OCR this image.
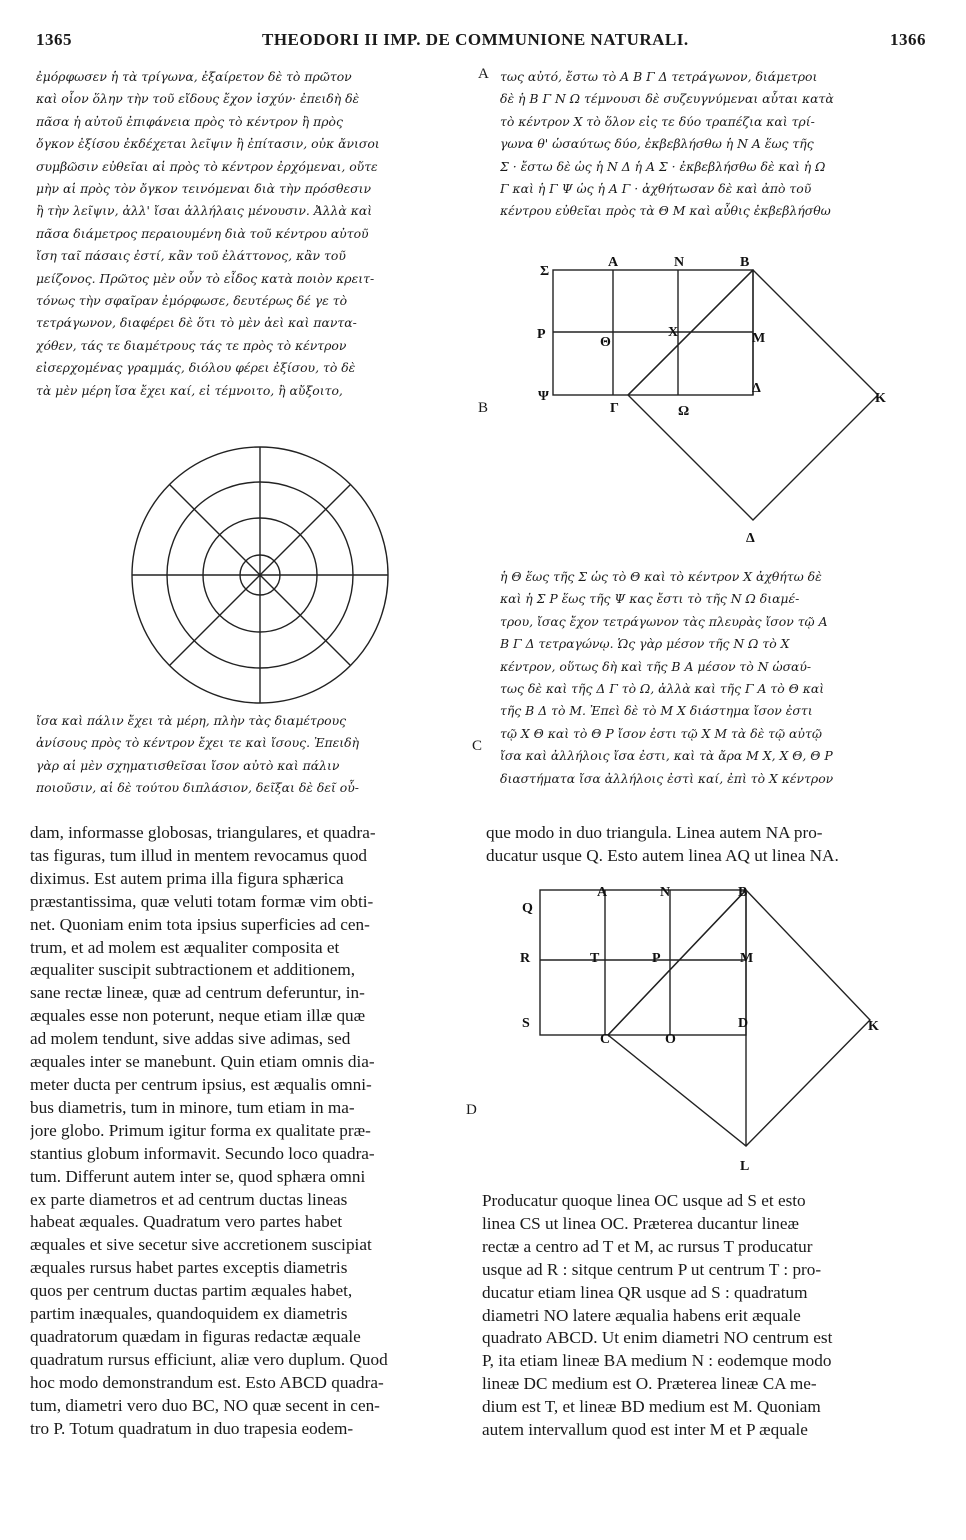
1365	THEODORI II IMP. DE COMMUNIONE NATURALI.	1366
A
B
C
D
ἐμόρφωσεν ἡ τὰ τρίγωνα, ἐξαίρετον δὲ τὸ πρῶτον
καὶ οἷον ὅλην τὴν τοῦ εἴδους ἔχον ἰσχύν· ἐπειδὴ δὲ
πᾶσα ἡ αὐτοῦ ἐπιφάνεια πρὸς τὸ κέντρον ἢ πρὸς
ὄγκον ἐξίσου ἐκδέχεται λεῖψιν ἢ ἐπίτασιν, οὐκ ἄνισοι
συμβῶσιν εὐθεῖαι αἱ πρὸς τὸ κέντρον ἐρχόμεναι, οὔτε
μὴν αἱ πρὸς τὸν ὄγκον τεινόμεναι διὰ τὴν πρόσθεσιν
ἢ τὴν λεῖψιν, ἀλλ' ἴσαι ἀλλήλαις μένουσιν. Ἀλλὰ καὶ
πᾶσα διάμετρος περαιουμένη διὰ τοῦ κέντρου αὐτοῦ
ἴση ταῖ πάσαις ἐστί, κἂν τοῦ ἐλάττονος, κἂν τοῦ
μείζονος. Πρῶτος μὲν οὖν τὸ εἶδος κατὰ ποιὸν κρειτ-
τόνως τὴν σφαῖραν ἐμόρφωσε, δευτέρως δέ γε τὸ
τετράγωνον, διαφέρει δὲ ὅτι τὸ μὲν ἀεὶ καὶ παντα-
χόθεν, τάς τε διαμέτρους τάς τε πρὸς τὸ κέντρον
εἰσερχομένας γραμμάς, διόλου φέρει ἐξίσου, τὸ δὲ
τὰ μὲν μέρη ἴσα ἔχει καί, εἰ τέμνοιτο, ἢ αὔξοιτο,
ἴσα καὶ πάλιν ἔχει τὰ μέρη, πλὴν τὰς διαμέτρους
ἀνίσους πρὸς τὸ κέντρον ἔχει τε καὶ ἴσους. Ἐπειδὴ
γὰρ αἱ μὲν σχηματισθεῖσαι ἴσον αὐτὸ καὶ πάλιν
ποιοῦσιν, αἱ δὲ τούτου διπλάσιον, δεῖξαι δὲ δεῖ οὗ-
τως αὐτό, ἔστω τὸ Α Β Γ Δ τετράγωνον, διάμετροι
δὲ ἡ Β Γ Ν Ω τέμνουσι δὲ συζευγνύμεναι αὗται κατὰ
τὸ κέντρον Χ τὸ ὅλον εἰς τε δύο τραπέζια καὶ τρί-
γωνα θ' ὡσαύτως δύο, ἐκβεβλήσθω ἡ Ν Α ἕως τῆς
Σ · ἔστω δὲ ὡς ἡ Ν Δ ἡ Α Σ · ἐκβεβλήσθω δὲ καὶ ἡ Ω
Γ καὶ ἡ Γ Ψ ὡς ἡ Α Γ · ἀχθήτωσαν δὲ καὶ ἀπὸ τοῦ
κέντρου εὐθεῖαι πρὸς τὰ Θ Μ καὶ αὖθις ἐκβεβλήσθω
Σ
Α	Ν	Β
Ρ
Θ
Χ	Μ
Ψ
Γ	Ω
Δ
Κ
Δ
ἡ Θ ἕως τῆς Σ ὡς τὸ Θ καὶ τὸ κέντρον Χ ἀχθήτω δὲ
καὶ ἡ Σ Ρ ἕως τῆς Ψ κας ἔστι τὸ τῆς Ν Ω διαμέ-
τρου, ἴσας ἔχον τετράγωνον τὰς πλευρὰς ἴσον τῷ Α
Β Γ Δ τετραγώνῳ. Ὡς γὰρ μέσον τῆς Ν Ω τὸ Χ
κέντρον, οὕτως δὴ καὶ τῆς Β Α μέσον τὸ Ν ὡσαύ-
τως δὲ καὶ τῆς Δ Γ τὸ Ω, ἀλλὰ καὶ τῆς Γ Α τὸ Θ καὶ
τῆς Β Δ τὸ Μ. Ἐπεὶ δὲ τὸ Μ Χ διάστημα ἴσον ἐστι
τῷ Χ Θ καὶ τὸ Θ Ρ ἴσον ἐστι τῷ Χ Μ τὰ δὲ τῷ αὐτῷ
ἴσα καὶ ἀλλήλοις ἴσα ἐστι, καὶ τὰ ἄρα Μ Χ, Χ Θ, Θ Ρ
διαστήματα ἴσα ἀλλήλοις ἐστὶ καί, ἐπὶ τὸ Χ κέντρον
dam, informasse globosas, triangulares, et quadra-
tas figuras, tum illud in mentem revocamus quod
diximus. Est autem prima illa figura sphærica
præstantissima, quæ veluti totam formæ vim obti-
net. Quoniam enim tota ipsius superficies ad cen-
trum, et ad molem est æqualiter composita et
æqualiter suscipit subtractionem et additionem,
sane rectæ lineæ, quæ ad centrum deferuntur, in-
æquales esse non poterunt, neque etiam illæ quæ
ad molem tendunt, sive addas sive adimas, sed
æquales inter se manebunt. Quin etiam omnis dia-
meter ducta per centrum ipsius, est æqualis omni-
bus diametris, tum in minore, tum etiam in ma-
jore globo. Primum igitur forma ex qualitate præ-
stantius globum informavit. Secundo loco quadra-
tum. Differunt autem inter se, quod sphæra omni
ex parte diametros et ad centrum ductas lineas
habeat æquales. Quadratum vero partes habet
æquales et sive secetur sive accretionem suscipiat
æquales rursus habet partes exceptis diametris
quos per centrum ductas partim æquales habet,
partim inæquales, quandoquidem ex diametris
quadratorum quædam in figuras redactæ æquale
quadratum rursus efficiunt, aliæ vero duplum. Quod
hoc modo demonstrandum est. Esto ABCD quadra-
tum, diametri vero duo BC, NO quæ secent in cen-
tro P. Totum quadratum in duo trapesia eodem-
que modo in duo triangula. Linea autem NA pro-
ducatur usque Q. Esto autem linea AQ ut linea NA.
Q
A	N	B
R	T	P	M
S
C	O
D	K
L
Producatur quoque linea OC usque ad S et esto
linea CS ut linea OC. Præterea ducantur lineæ
rectæ a centro ad T et M, ac rursus T producatur
usque ad R : sitque centrum P ut centrum T : pro-
ducatur etiam linea QR usque ad S : quadratum
diametri NO latere æqualia habens erit æquale
quadrato ABCD. Ut enim diametri NO centrum est
P, ita etiam lineæ BA medium N : eodemque modo
lineæ DC medium est O. Præterea lineæ CA me-
dium est T, et lineæ BD medium est M. Quoniam
autem intervallum quod est inter M et P æquale
